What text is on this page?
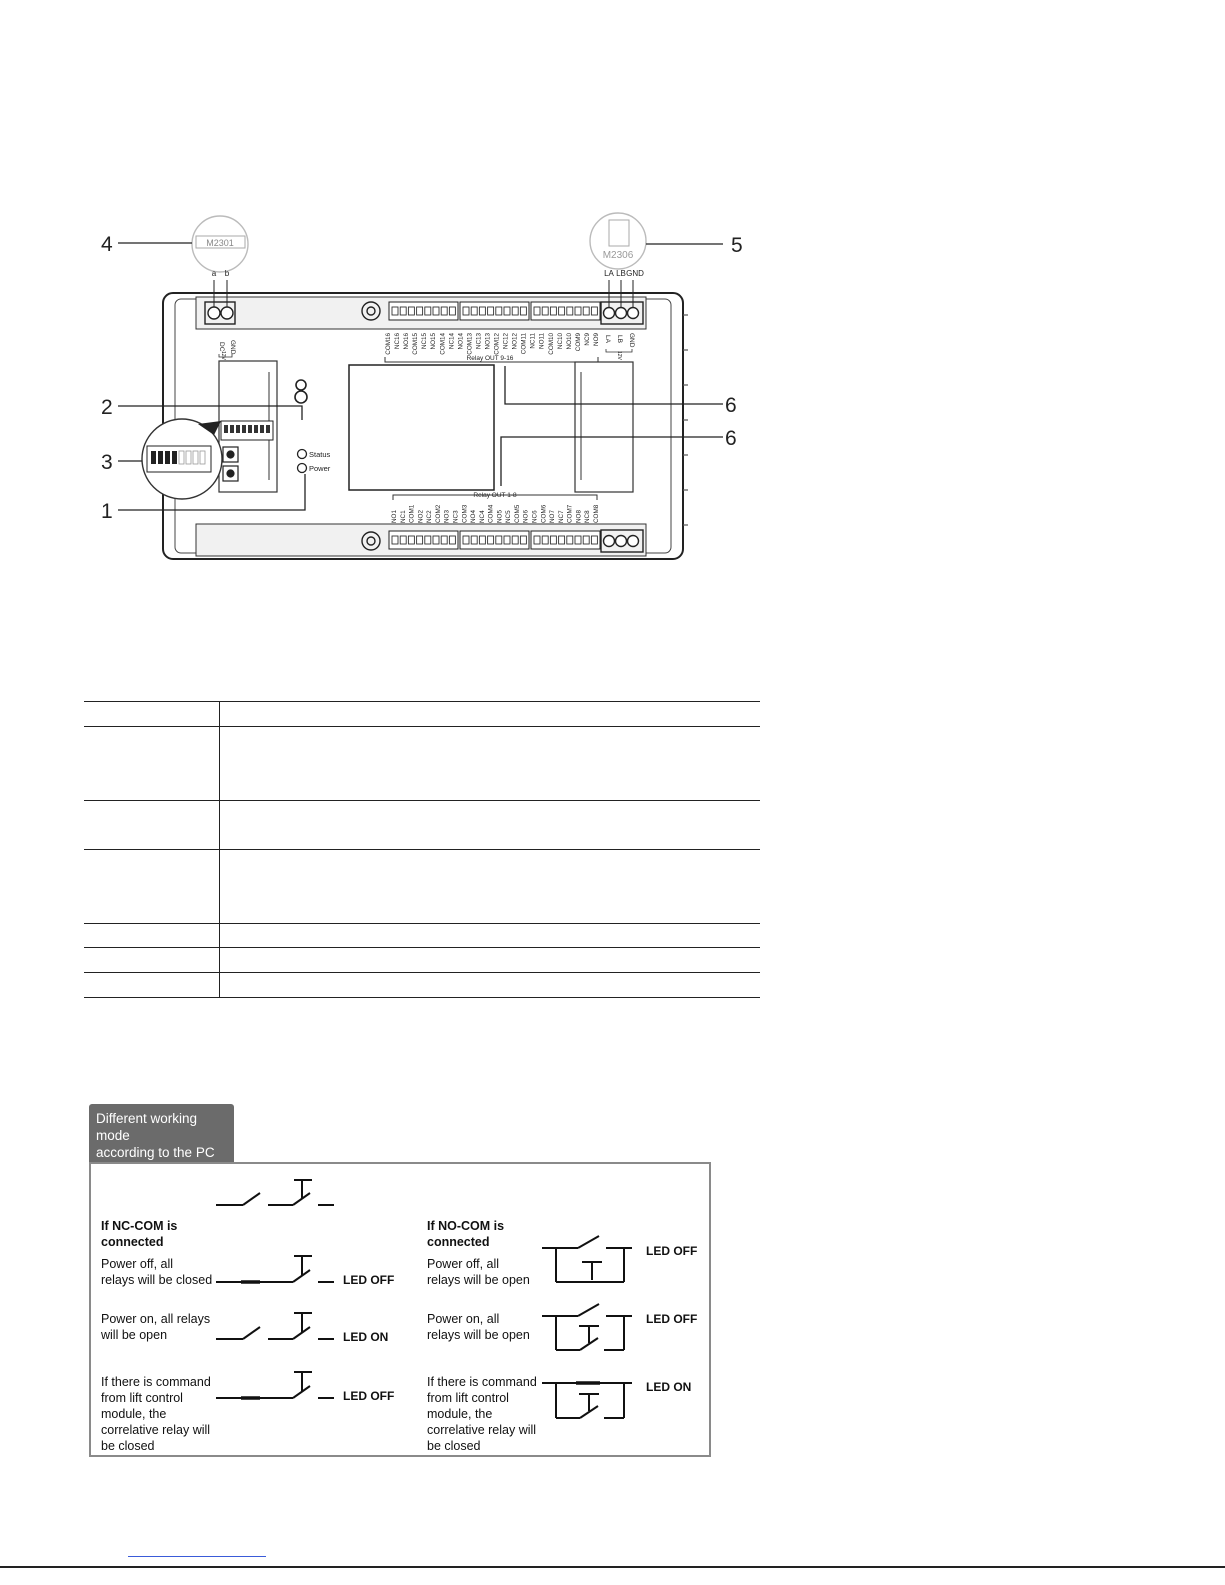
COM16 NC16 NO16 COM15 NC15 NO15 COM14 NC14 NO14 COM13 NC13 NO13 COM12 NC12 NO12 COM11 NC11 NO11 COM10 NC10 NO10 COM9 NC9 NO9
NO1 NC1 COM1 NO2 NC2 COM2 NO3 NC3 COM3 NO4 NC4 COM4 NO5 NC5 COM5 NO6 NC6 COM6 NO7 NC7 COM7 NO8 NC8 COM8
Relay OUT 9-16
Relay OUT 1-8
DC GND
12V
LA LB GND
12V
Status
Power
M2301
a b
M2306
LA LB GND
4	5
2
3
1
6
6
Different working mode
according to the PC
software setting
If NC-COM is
connected
Power off, all
relays will be closed
Power on, all relays
will be open
If there is command
from lift control
module, the
correlative relay will
be closed
LED OFF
LED ON
LED OFF
If NO-COM is
connected
Power off, all
relays will be open
Power on, all
relays will be open
If there is command
from lift control
module, the
correlative relay will
be closed
LED OFF
LED OFF
LED ON
